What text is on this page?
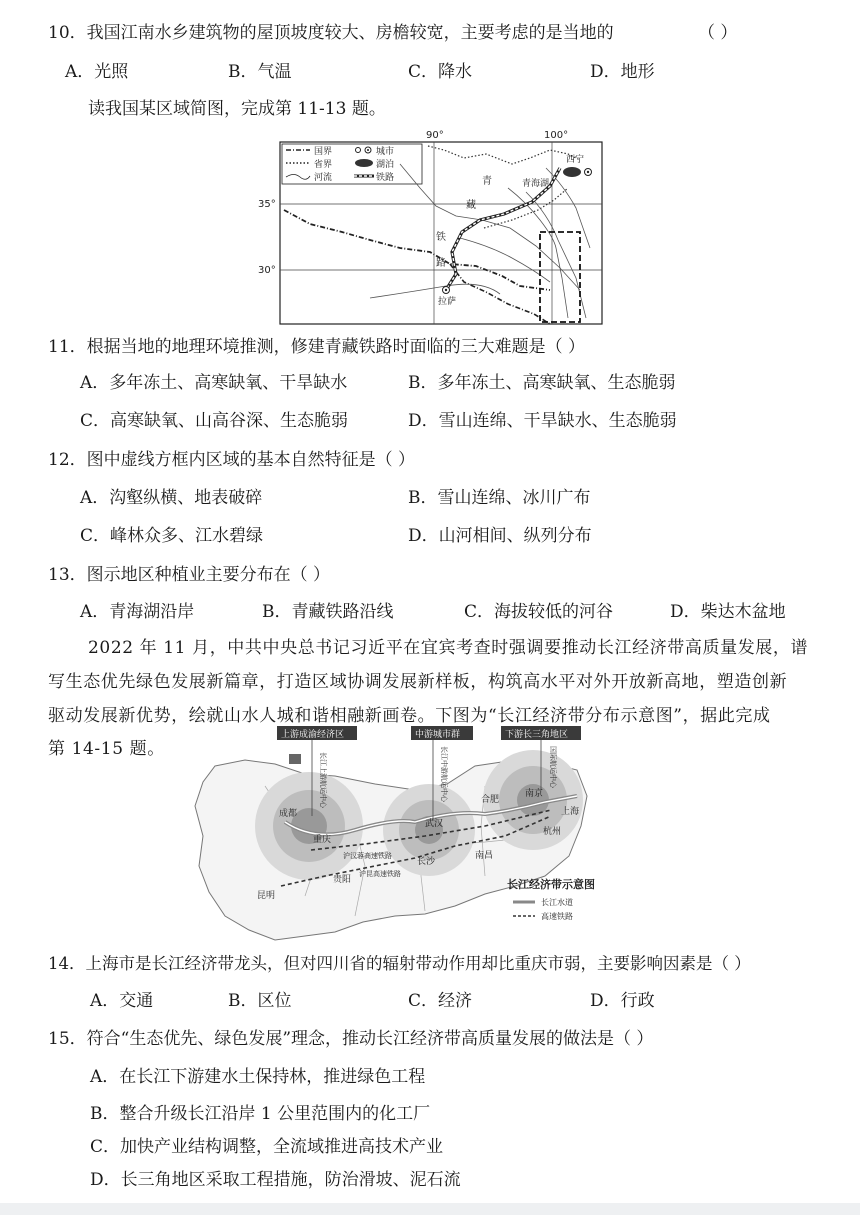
10．我国江南水乡建筑物的屋顶坡度较大、房檐较宽，主要考虑的是当地的	（ ）
A．光照	B．气温	C．降水	D．地形
读我国某区域简图，完成第 11-13 题。
90°	100°
35°
30°
国界	城市
省界	湖泊
河流	铁路
西宁
青海湖
青
藏
铁
路
拉萨
11．根据当地的地理环境推测，修建青藏铁路时面临的三大难题是（ ）
A．多年冻土、高寒缺氧、干旱缺水	B．多年冻土、高寒缺氧、生态脆弱
C．高寒缺氧、山高谷深、生态脆弱	D．雪山连绵、干旱缺水、生态脆弱
12．图中虚线方框内区域的基本自然特征是（ ）
A．沟壑纵横、地表破碎	B．雪山连绵、冰川广布
C．峰林众多、江水碧绿	D．山河相间、纵列分布
13．图示地区种植业主要分布在（ ）
A．青海湖沿岸	B．青藏铁路沿线	C．海拔较低的河谷	D．柴达木盆地
2022 年 11 月，中共中央总书记习近平在宜宾考查时强调要推动长江经济带高质量发展，谱
写生态优先绿色发展新篇章，打造区域协调发展新样板，构筑高水平对外开放新高地，塑造创新
驱动发展新优势，绘就山水人城和谐相融新画卷。下图为“长江经济带分布示意图”，据此完成
第 14-15 题。
上游成渝经济区	中游城市群	下游长三角地区
长江上游航运中心	长江中游航运中心	国际航运中心
成都
重庆
武汉
合肥
南京
上海
杭州
长沙
南昌
贵阳
昆明
沪汉蓉高速铁路
沪昆高速铁路
长江经济带示意图
长江水道
高速铁路
14．上海市是长江经济带龙头，但对四川省的辐射带动作用却比重庆市弱，主要影响因素是（ ）
A．交通	B．区位	C．经济	D．行政
15．符合“生态优先、绿色发展”理念，推动长江经济带高质量发展的做法是（ ）
A．在长江下游建水土保持林，推进绿色工程
B．整合升级长江沿岸 1 公里范围内的化工厂
C．加快产业结构调整，全流域推进高技术产业
D．长三角地区采取工程措施，防治滑坡、泥石流
